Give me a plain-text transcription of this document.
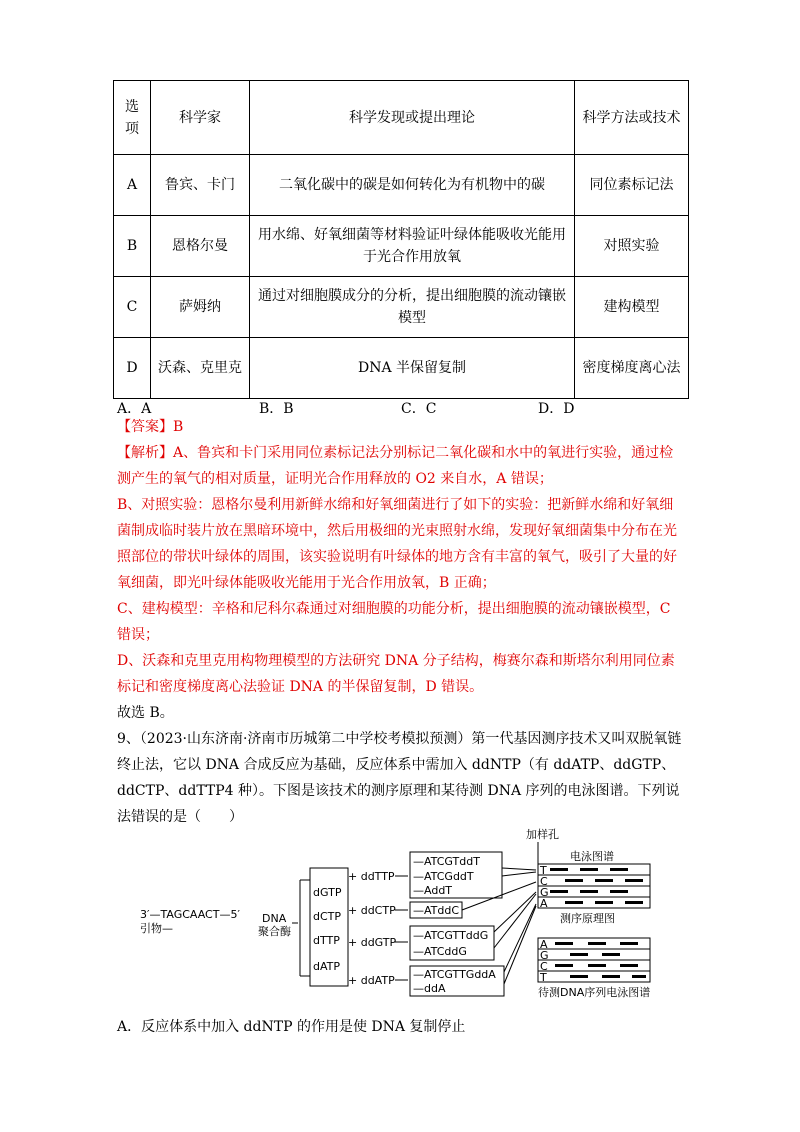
选项	科学家	科学发现或提出理论	科学方法或技术
A	鲁宾、卡门	二氧化碳中的碳是如何转化为有机物中的碳	同位素标记法
B	恩格尔曼	用水绵、好氧细菌等材料验证叶绿体能吸收光能用于光合作用放氧	对照实验
C	萨姆纳	通过对细胞膜成分的分析，提出细胞膜的流动镶嵌模型	建构模型
D	沃森、克里克	DNA 半保留复制	密度梯度离心法
A．A	B．B	C．C	D．D
【答案】B
【解析】A、鲁宾和卡门采用同位素标记法分别标记二氧化碳和水中的氧进行实验，通过检测产生的氧气的相对质量，证明光合作用释放的 O2 来自水，A 错误；
B、对照实验：恩格尔曼利用新鲜水绵和好氧细菌进行了如下的实验：把新鲜水绵和好氧细菌制成临时装片放在黑暗环境中，然后用极细的光束照射水绵，发现好氧细菌集中分布在光照部位的带状叶绿体的周围，该实验说明有叶绿体的地方含有丰富的氧气，吸引了大量的好氧细菌，即光叶绿体能吸收光能用于光合作用放氧，B 正确；
C、建构模型：辛格和尼科尔森通过对细胞膜的功能分析，提出细胞膜的流动镶嵌模型，C 错误；
D、沃森和克里克用构物理模型的方法研究 DNA 分子结构，梅赛尔森和斯塔尔利用同位素标记和密度梯度离心法验证 DNA 的半保留复制，D 错误。
故选 B。
9、（2023·山东济南·济南市历城第二中学校考模拟预测）第一代基因测序技术又叫双脱氧链终止法，它以 DNA 合成反应为基础，反应体系中需加入 ddNTP（有 ddATP、ddGTP、ddCTP、ddTTP4 种）。下图是该技术的测序原理和某待测 DNA 序列的电泳图谱。下列说法错误的是（　　）
3′—TAGCAACT—5′
引物—
DNA
聚合酶
dGTP
dCTP
dTTP
dATP
+ ddTTP
+ ddCTP
+ ddGTP
+ ddATP
—ATCGTddT
—ATCGddT
—AddT
—ATddC
—ATCGTTddG
—ATCddG
—ATCGTTGddA
—ddA
加样孔
电泳图谱
T
C
G
A
测序原理图
A
G
C
T
待测DNA序列电泳图谱
A．反应体系中加入 ddNTP 的作用是使 DNA 复制停止
